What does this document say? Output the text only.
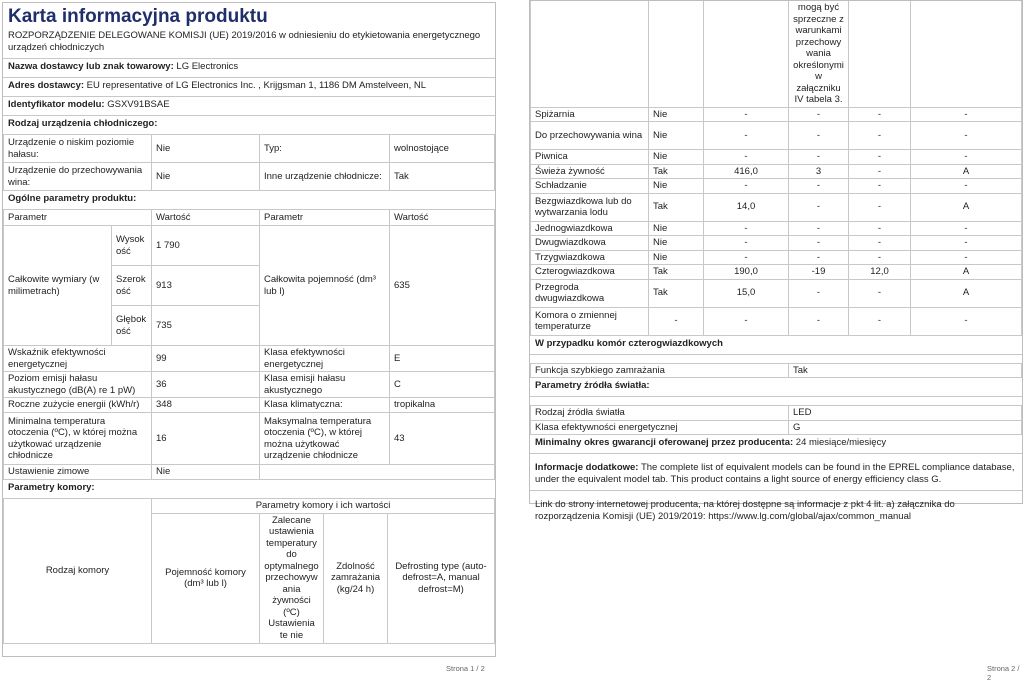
Karta informacyjna produktu
ROZPORZĄDZENIE DELEGOWANE KOMISJI (UE) 2019/2016 w odniesieniu do etykietowania energetycznego urządzeń chłodniczych
Nazwa dostawcy lub znak towarowy: LG Electronics
Adres dostawcy: EU representative of LG Electronics Inc. , Krijgsman 1, 1186 DM Amstelveen, NL
Identyfikator modelu: GSXV91BSAE
Rodzaj urządzenia chłodniczego:
Urządzenie o niskim poziomie hałasu:	Nie	Typ:	wolnostojące
Urządzenie do przechowywania wina:	Nie	Inne urządzenie chłodnicze:	Tak
Ogólne parametry produktu:
Parametr		Wartość	Parametr	Wartość
Całkowite wymiary (w milimetrach)	Wysokość	1 790	Całkowita pojemność (dm³ lub l)	635
	Szerokość	913		
	Głębokość	735		
Wskaźnik efektywności energetycznej		99	Klasa efektywności energetycznej	E
Poziom emisji hałasu akustycznego (dB(A) re 1 pW)		36	Klasa emisji hałasu akustycznego	C
Roczne zużycie energii (kWh/r)		348	Klasa klimatyczna:	tropikalna
Minimalna temperatura otoczenia (ºC), w której można użytkować urządzenie chłodnicze		16	Maksymalna temperatura otoczenia (ºC), w której można użytkować urządzenie chłodnicze	43
Ustawienie zimowe		Nie		
Parametry komory:
Rodzaj komory	Parametry komory i ich wartości			
	Pojemność komory (dm³ lub l)	Zalecane ustawienia temperatury do optymalnego przechowywania żywności (ºC) Ustawienia te nie	Zdolność zamrażania (kg/24 h)	Defrosting type (auto-defrost=A, manual defrost=M)
Strona 1 / 2
			mogą być sprzeczne z warunkami przechowywania określonymi w załączniku IV tabela 3.		
Spiżarnia	Nie	-	-	-	-
Do przechowywania wina	Nie	-	-	-	-
Piwnica	Nie	-	-	-	-
Świeża żywność	Tak	416,0	3	-	A
Schładzanie	Nie	-	-	-	-
Bezgwiazdkowa lub do wytwarzania lodu	Tak	14,0	-	-	A
Jednogwiazdkowa	Nie	-	-	-	-
Dwugwiazdkowa	Nie	-	-	-	-
Trzygwiazdkowa	Nie	-	-	-	-
Czterogwiazdkowa	Tak	190,0	-19	12,0	A
Przegroda dwugwiazdkowa	Tak	15,0	-	-	A
Komora o zmiennej temperaturze	-	-	-	-	-
W przypadku komór czterogwiazdkowych
Funkcja szybkiego zamrażania	Tak
Parametry źródła światła:
Rodzaj źródła światła	LED
Klasa efektywności energetycznej	G
Minimalny okres gwarancji oferowanej przez producenta: 24 miesiące/miesięcy
Informacje dodatkowe: The complete list of equivalent models can be found in the EPREL compliance database, under the equivalent model tab. This product contains a light source of energy efficiency class G.
Link do strony internetowej producenta, na której dostępne są informacje z pkt 4 lit. a) załącznika do rozporządzenia Komisji (UE) 2019/2019: https://www.lg.com/global/ajax/common_manual
Strona 2 / 2
